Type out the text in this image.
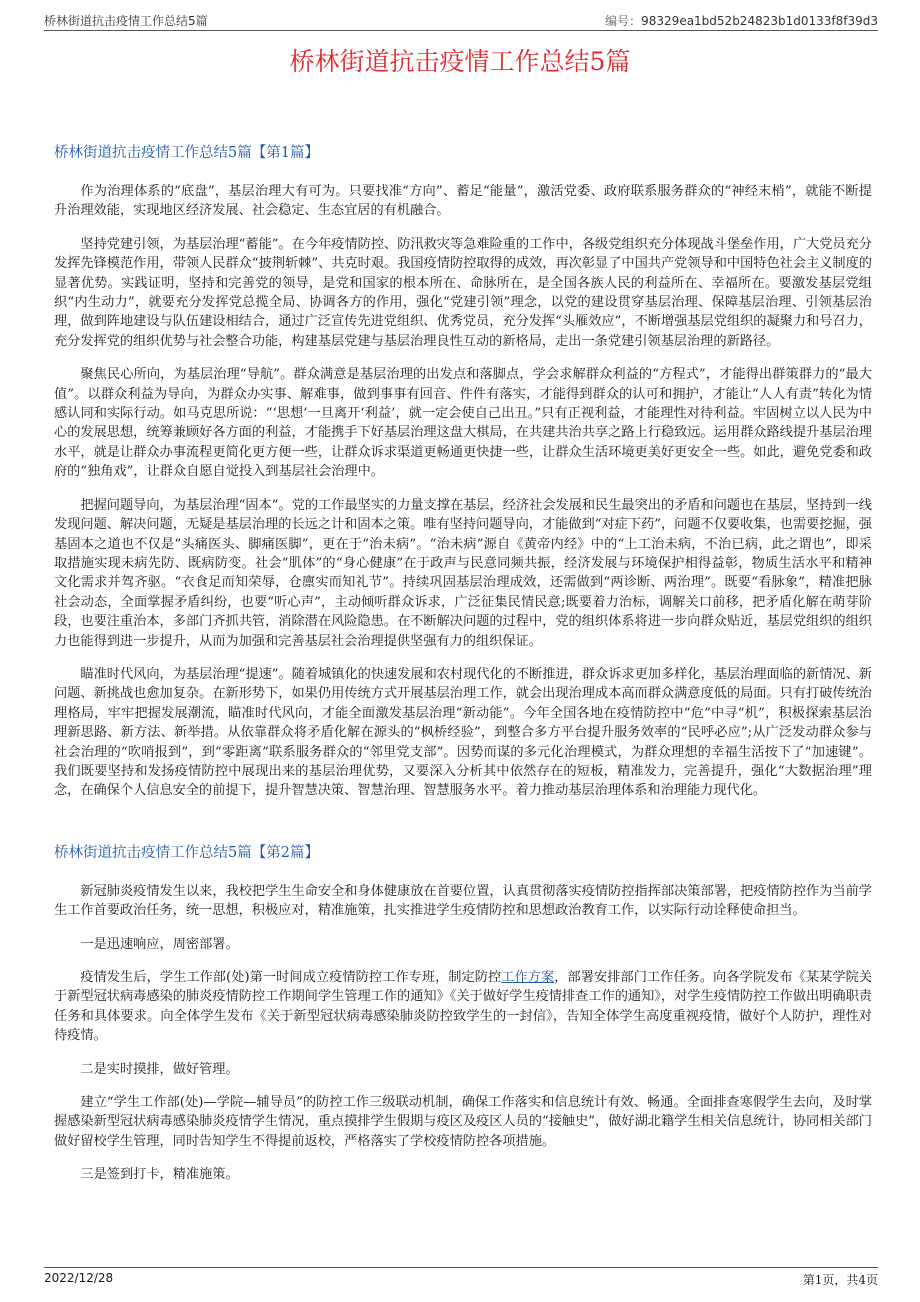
桥林街道抗击疫情工作总结5篇	编号：98329ea1bd52b24823b1d0133f8f39d3
桥林街道抗击疫情工作总结5篇
桥林街道抗击疫情工作总结5篇【第1篇】

作为治理体系的“底盘”，基层治理大有可为。只要找准“方向”、蓄足“能量”，激活党委、政府联系服务群众的“神经末梢”，就能不断提升治理效能，实现地区经济发展、社会稳定、生态宜居的有机融合。

坚持党建引领，为基层治理“蓄能”。在今年疫情防控、防汛救灾等急难险重的工作中，各级党组织充分体现战斗堡垒作用，广大党员充分发挥先锋模范作用，带领人民群众“披荆斩棘”、共克时艰。我国疫情防控取得的成效，再次彰显了中国共产党领导和中国特色社会主义制度的显著优势。实践证明，坚持和完善党的领导，是党和国家的根本所在、命脉所在，是全国各族人民的利益所在、幸福所在。要激发基层党组织“内生动力”，就要充分发挥党总揽全局、协调各方的作用，强化“党建引领”理念，以党的建设贯穿基层治理、保障基层治理、引领基层治理，做到阵地建设与队伍建设相结合，通过广泛宣传先进党组织、优秀党员，充分发挥“头雁效应”，不断增强基层党组织的凝聚力和号召力，充分发挥党的组织优势与社会整合功能，构建基层党建与基层治理良性互动的新格局，走出一条党建引领基层治理的新路径。

聚焦民心所向，为基层治理“导航”。群众满意是基层治理的出发点和落脚点，学会求解群众利益的“方程式”，才能得出群策群力的“最大值”。以群众利益为导向，为群众办实事、解难事，做到事事有回音、件件有落实，才能得到群众的认可和拥护，才能让“人人有责”转化为情感认同和实际行动。如马克思所说：“‘思想’一旦离开‘利益’，就一定会使自己出丑。”只有正视利益，才能理性对待利益。牢固树立以人民为中心的发展思想，统筹兼顾好各方面的利益，才能携手下好基层治理这盘大棋局，在共建共治共享之路上行稳致远。运用群众路线提升基层治理水平，就是让群众办事流程更简化更方便一些，让群众诉求渠道更畅通更快捷一些，让群众生活环境更美好更安全一些。如此，避免党委和政府的“独角戏”，让群众自愿自觉投入到基层社会治理中。

把握问题导向，为基层治理“固本”。党的工作最坚实的力量支撑在基层，经济社会发展和民生最突出的矛盾和问题也在基层，坚持到一线发现问题、解决问题，无疑是基层治理的长远之计和固本之策。唯有坚持问题导向，才能做到“对症下药”，问题不仅要收集，也需要挖掘，强基固本之道也不仅是“头痛医头、脚痛医脚”，更在于“治未病”。“治未病”源自《黄帝内经》中的“上工治未病，不治已病，此之谓也”，即采取措施实现未病先防、既病防变。社会“肌体”的“身心健康”在于政声与民意同频共振，经济发展与环境保护相得益彰，物质生活水平和精神文化需求并驾齐驱。“衣食足而知荣辱，仓廪实而知礼节”。持续巩固基层治理成效，还需做到“两诊断、两治理”。既要“看脉象”，精准把脉社会动态，全面掌握矛盾纠纷，也要“听心声”，主动倾听群众诉求，广泛征集民情民意;既要着力治标，调解关口前移，把矛盾化解在萌芽阶段，也要注重治本，多部门齐抓共管，消除潜在风险隐患。在不断解决问题的过程中，党的组织体系将进一步向群众贴近，基层党组织的组织力也能得到进一步提升，从而为加强和完善基层社会治理提供坚强有力的组织保证。

瞄准时代风向，为基层治理“提速”。随着城镇化的快速发展和农村现代化的不断推进，群众诉求更加多样化，基层治理面临的新情况、新问题、新挑战也愈加复杂。在新形势下，如果仍用传统方式开展基层治理工作，就会出现治理成本高而群众满意度低的局面。只有打破传统治理格局，牢牢把握发展潮流，瞄准时代风向，才能全面激发基层治理“新动能”。今年全国各地在疫情防控中“危”中寻“机”，积极探索基层治理新思路、新方法、新举措。从依靠群众将矛盾化解在源头的“枫桥经验”，到整合多方平台提升服务效率的“民呼必应”;从广泛发动群众参与社会治理的“吹哨报到”，到“零距离”联系服务群众的“邻里党支部”。因势而谋的多元化治理模式，为群众理想的幸福生活按下了“加速键”。我们既要坚持和发扬疫情防控中展现出来的基层治理优势，又要深入分析其中依然存在的短板，精准发力，完善提升，强化“大数据治理”理念，在确保个人信息安全的前提下，提升智慧决策、智慧治理、智慧服务水平。着力推动基层治理体系和治理能力现代化。

桥林街道抗击疫情工作总结5篇【第2篇】

新冠肺炎疫情发生以来，我校把学生生命安全和身体健康放在首要位置，认真贯彻落实疫情防控指挥部决策部署，把疫情防控作为当前学生工作首要政治任务，统一思想，积极应对，精准施策，扎实推进学生疫情防控和思想政治教育工作，以实际行动诠释使命担当。

一是迅速响应，周密部署。

疫情发生后，学生工作部(处)第一时间成立疫情防控工作专班，制定防控工作方案，部署安排部门工作任务。向各学院发布《某某学院关于新型冠状病毒感染的肺炎疫情防控工作期间学生管理工作的通知》《关于做好学生疫情排查工作的通知》，对学生疫情防控工作做出明确职责任务和具体要求。向全体学生发布《关于新型冠状病毒感染肺炎防控致学生的一封信》，告知全体学生高度重视疫情，做好个人防护，理性对待疫情。

二是实时摸排，做好管理。

建立“学生工作部(处)—学院—辅导员”的防控工作三级联动机制，确保工作落实和信息统计有效、畅通。全面排查寒假学生去向，及时掌握感染新型冠状病毒感染肺炎疫情学生情况，重点摸排学生假期与疫区及疫区人员的“接触史”，做好湖北籍学生相关信息统计，协同相关部门做好留校学生管理，同时告知学生不得提前返校，严格落实了学校疫情防控各项措施。

三是签到打卡，精准施策。

2022/12/28	第1页，共4页
